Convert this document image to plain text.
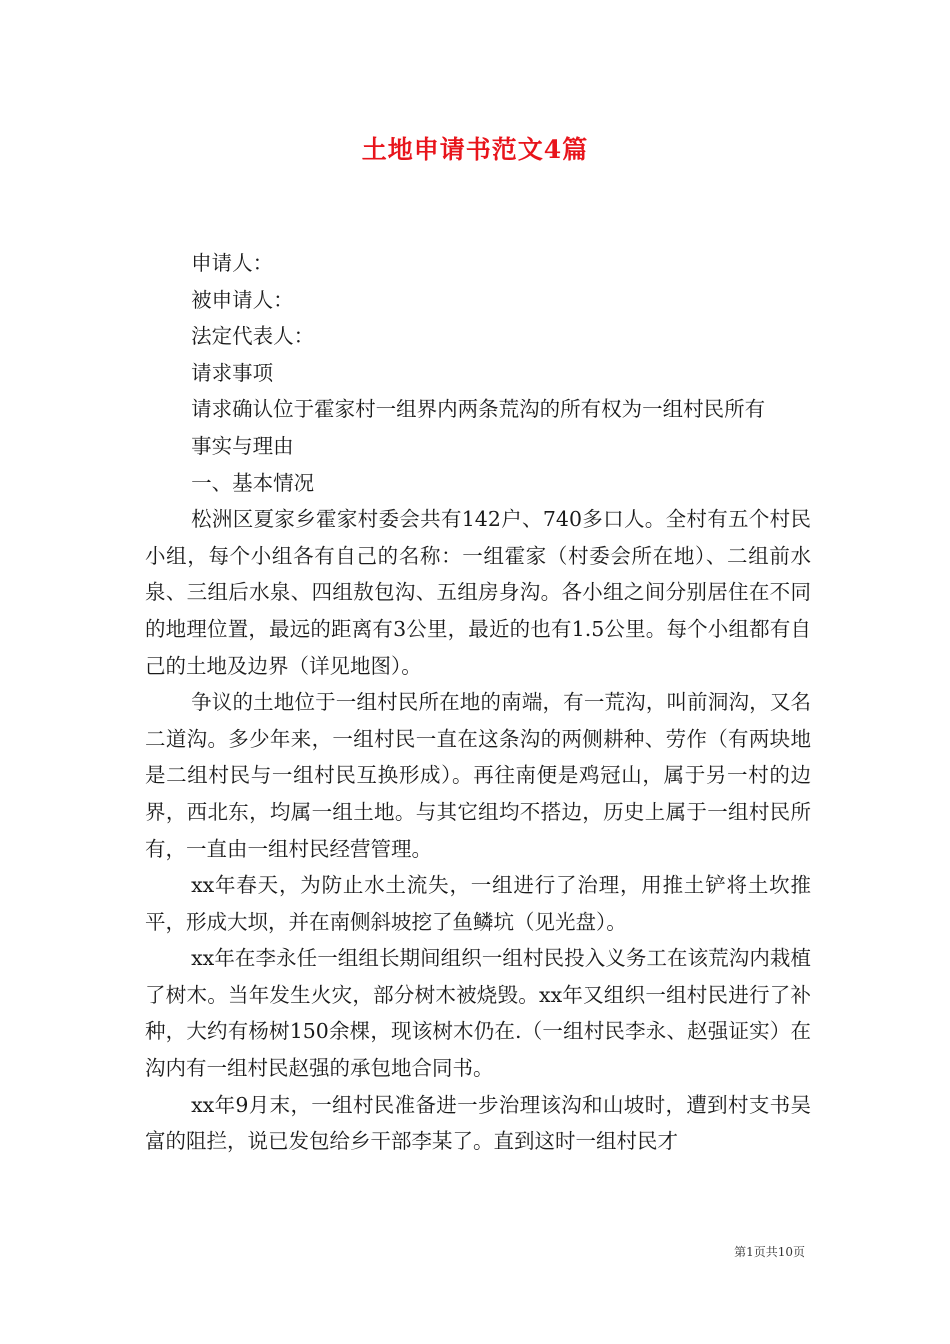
土地申请书范文4篇

申请人：

被申请人：

法定代表人：

请求事项

请求确认位于霍家村一组界内两条荒沟的所有权为一组村民所有

事实与理由

一、基本情况

松洲区夏家乡霍家村委会共有142户、740多口人。全村有五个村民小组，每个小组各有自己的名称：一组霍家（村委会所在地）、二组前水泉、三组后水泉、四组敖包沟、五组房身沟。各小组之间分别居住在不同的地理位置，最远的距离有3公里，最近的也有1.5公里。每个小组都有自己的土地及边界（详见地图）。

争议的土地位于一组村民所在地的南端，有一荒沟，叫前洞沟，又名二道沟。多少年来，一组村民一直在这条沟的两侧耕种、劳作（有两块地是二组村民与一组村民互换形成）。再往南便是鸡冠山，属于另一村的边界，西北东，均属一组土地。与其它组均不搭边，历史上属于一组村民所有，一直由一组村民经营管理。

xx年春天，为防止水土流失，一组进行了治理，用推土铲将土坎推平，形成大坝，并在南侧斜坡挖了鱼鳞坑（见光盘）。

xx年在李永任一组组长期间组织一组村民投入义务工在该荒沟内栽植了树木。当年发生火灾，部分树木被烧毁。xx年又组织一组村民进行了补种，大约有杨树150余棵，现该树木仍在.（一组村民李永、赵强证实）在沟内有一组村民赵强的承包地合同书。

xx年9月末，一组村民准备进一步治理该沟和山坡时，遭到村支书吴富的阻拦，说已发包给乡干部李某了。直到这时一组村民才

第1页共10页
